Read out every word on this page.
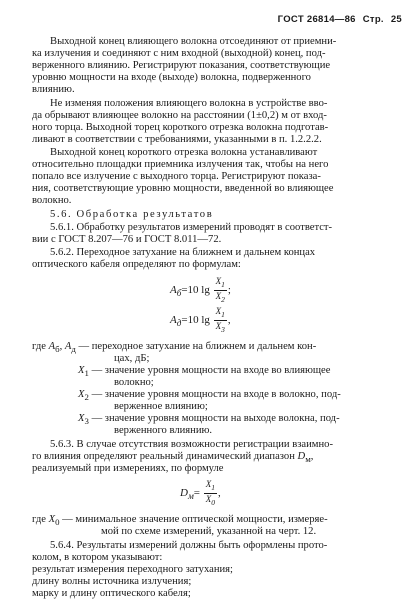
ГОСТ 26814—86 Стр. 25
Выходной конец влияющего волокна отсоединяют от приемни-
ка излучения и соединяют с ним входной (выходной) конец, под-
верженного влиянию. Регистрируют показания, соответствующие
уровню мощности на входе (выходе) волокна, подверженного
влиянию.
Не изменяя положения влияющего волокна в устройстве вво-
да обрывают влияющее волокно на расстоянии (1±0,2) м от вход-
ного торца. Выходной торец короткого отрезка волокна подготав-
ливают в соответствии с требованиями, указанными в п. 1.2.2.2.
Выходной конец короткого отрезка волокна устанавливают
относительно площадки приемника излучения так, чтобы на него
попало все излучение с выходного торца. Регистрируют показа-
ния, соответствующие уровню мощности, введенной во влияющее
волокно.
5.6. Обработка результатов
5.6.1. Обработку результатов измерений проводят в соответст-
вии с ГОСТ 8.207—76 и ГОСТ 8.011—72.
5.6.2. Переходное затухание на ближнем и дальнем концах
оптического кабеля определяют по формулам:
$A_б=10$ $\lg \frac{X_1}{X_2}$ ;
$A_д=10$ $\lg \frac{X_1}{X_3}$ ,
где $A_б$, $A_д$ — переходное затухание на ближнем и дальнем кон-
цах, дБ;
$X_1$ — значение уровня мощности на входе во влияющее
волокно;
$X_2$ — значение уровня мощности на входе в волокно, под-
верженное влиянию;
$X_3$ — значение уровня мощности на выходе волокна, под-
верженного влиянию.
5.6.3. В случае отсутствия возможности регистрации взаимно-
го влияния определяют реальный динамический диапазон $D_м$,
реализуемый при измерениях, по формуле
$D_м= \frac{X_1}{X_0}$ ,
где $X_0$ — минимальное значение оптической мощности, измеряе-
мой по схеме измерений, указанной на черт. 12.
5.6.4. Результаты измерений должны быть оформлены прото-
колом, в котором указывают:
результат измерения переходного затухания;
длину волны источника излучения;
марку и длину оптического кабеля;
